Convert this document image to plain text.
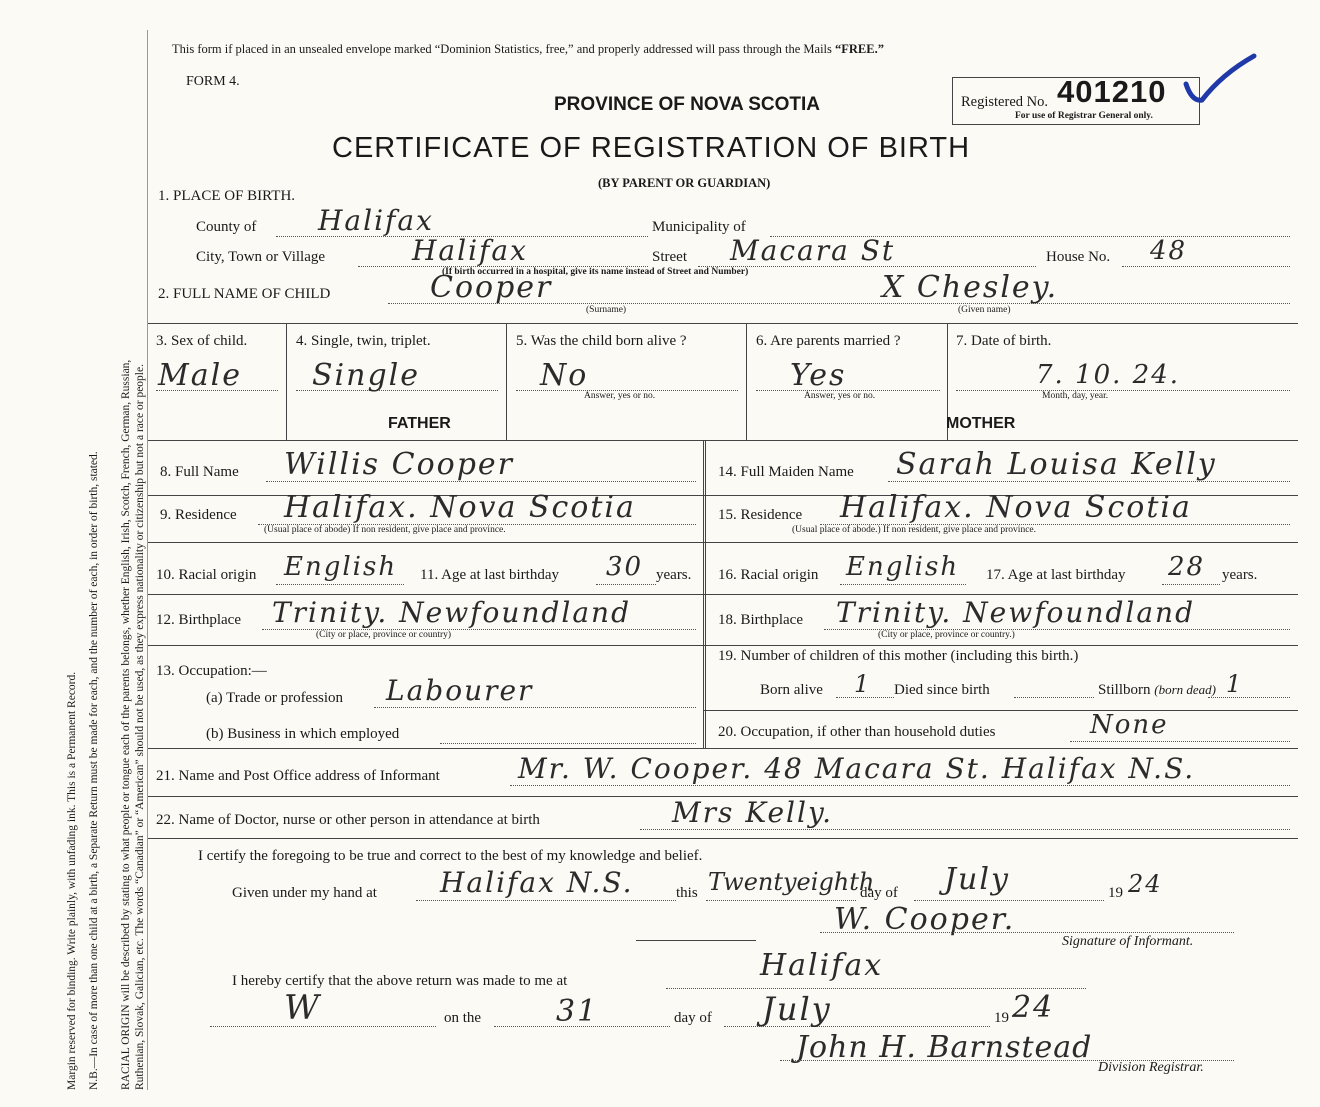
RACIAL ORIGIN will be described by stating to what people or tongue each of the parents belongs, whether English, Irish, Scotch, French, German, Russian, Ruthenian, Slovak, Galician, etc. The words “Canadian” or “American” should not be used, as they express nationality or citizenship but not a race or people.
N.B.—In case of more than one child at a birth, a Separate Return must be made for each, and the number of each, in order of birth, stated.
Margin reserved for binding. Write plainly, with unfading ink. This is a Permanent Record.
This form if placed in an unsealed envelope marked “Dominion Statistics, free,” and properly addressed will pass through the Mails “FREE.”
FORM 4.
PROVINCE OF NOVA SCOTIA
CERTIFICATE OF REGISTRATION OF BIRTH
(BY PARENT OR GUARDIAN)
Registered No. 401210
For use of Registrar General only.
1. PLACE OF BIRTH.
County of Halifax	Municipality of
City, Town or Village	Halifax	Street Macara St	House No. 48
(If birth occurred in a hospital, give its name instead of Street and Number)
2. FULL NAME OF CHILD	Cooper
(Surname)
X Chesley.
(Given name)
3. Sex of child.
Male
4. Single, twin, triplet.
Single
5. Was the child born alive ?
No
Answer, yes or no.
6. Are parents married ?
Yes
Answer, yes or no.
7. Date of birth.
7. 10. 24.
Month, day, year.
FATHER	MOTHER
8. Full Name Willis Cooper
9. Residence Halifax. Nova Scotia
(Usual place of abode) If non resident, give place and province.
10. Racial origin English 11. Age at last birthday 30 years.
12. Birthplace Trinity. Newfoundland
(City or place, province or country)
13. Occupation:—
(a) Trade or profession Labourer
(b) Business in which employed
14. Full Maiden Name Sarah Louisa Kelly
15. Residence Halifax. Nova Scotia
(Usual place of abode.) If non resident, give place and province.
16. Racial origin English 17. Age at last birthday 28 years.
18. Birthplace Trinity. Newfoundland
(City or place, province or country.)
19. Number of children of this mother (including this birth.)
Born alive 1 Died since birth	Stillborn (born dead) 1
20. Occupation, if other than household duties	None
21. Name and Post Office address of Informant	Mr. W. Cooper. 48 Macara St. Halifax N.S.
22. Name of Doctor, nurse or other person in attendance at birth	Mrs Kelly.
I certify the foregoing to be true and correct to the best of my knowledge and belief.
Given under my hand at Halifax N.S.	this Twentyeighth
day of July	19 24
W. Cooper.
Signature of Informant.
I hereby certify that the above return was made to me at	Halifax
W	on the 31	day of July	19 24
John H. Barnstead
Division Registrar.
